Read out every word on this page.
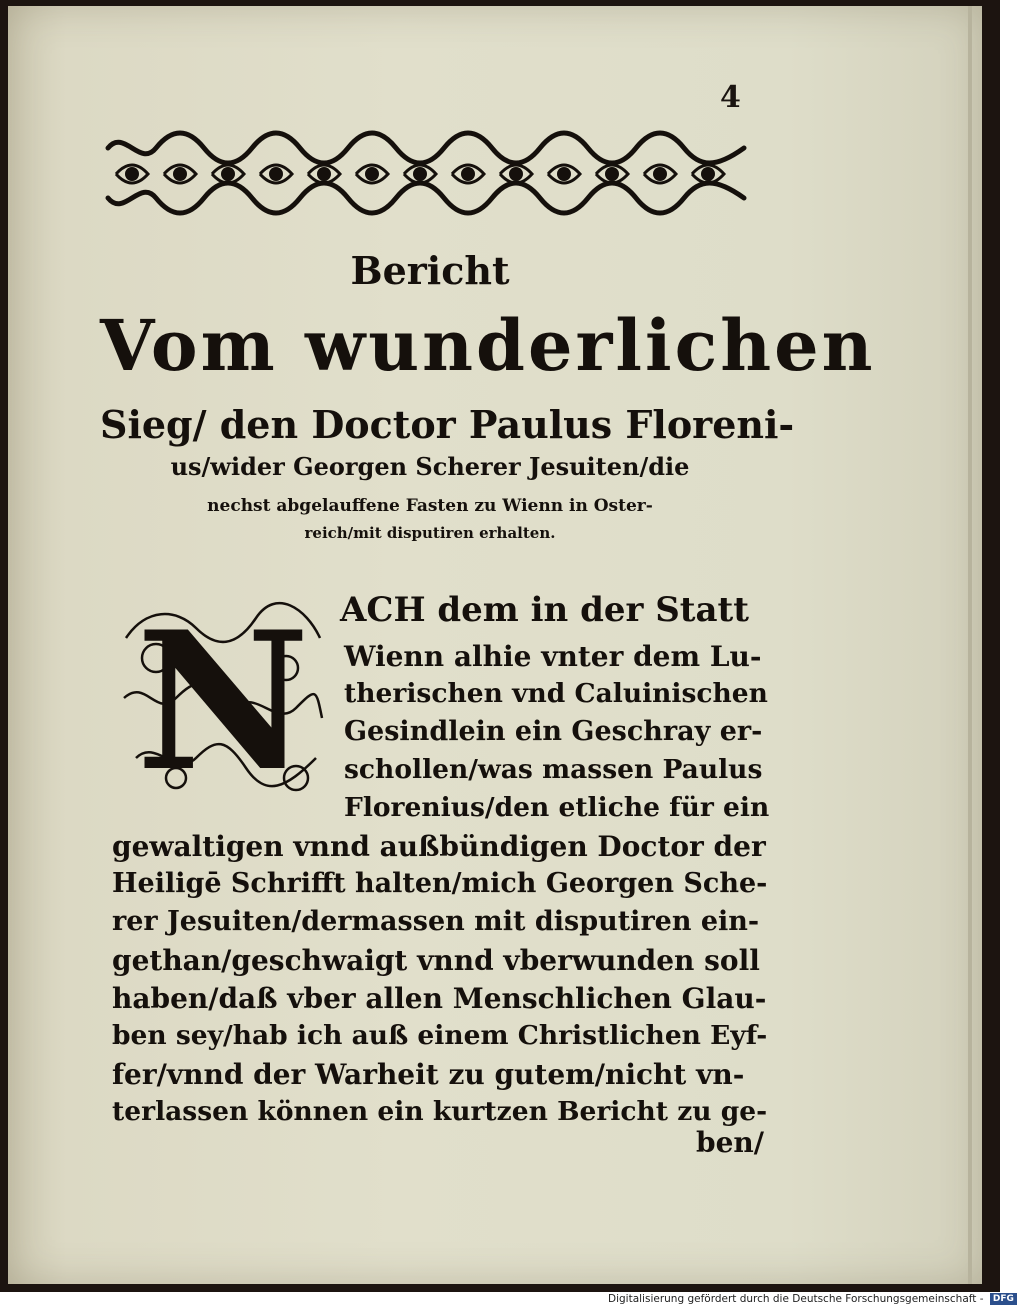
4
Bericht
Vom wunderlichen
Sieg/ den Doctor Paulus Floreni-
us/wider Georgen Scherer Jesuiten/die
nechst abgelauffene Fasten zu Wienn in Oster-
reich/mit disputiren erhalten.
N ACH dem in der Statt
Wienn alhie vnter dem Lu-
therischen vnd Caluinischen
Gesindlein ein Geschray er-
schollen/was massen Paulus
Florenius/den etliche für ein
gewaltigen vnnd außbündigen Doctor der
Heiligē Schrifft halten/mich Georgen Sche-
rer Jesuiten/dermassen mit disputiren ein-
gethan/geschwaigt vnnd vberwunden soll
haben/daß vber allen Menschlichen Glau-
ben sey/hab ich auß einem Christlichen Eyf-
fer/vnnd der Warheit zu gutem/nicht vn-
terlassen können ein kurtzen Bericht zu ge-
ben/
Digitalisierung gefördert durch die Deutsche Forschungsgemeinschaft - DFG
